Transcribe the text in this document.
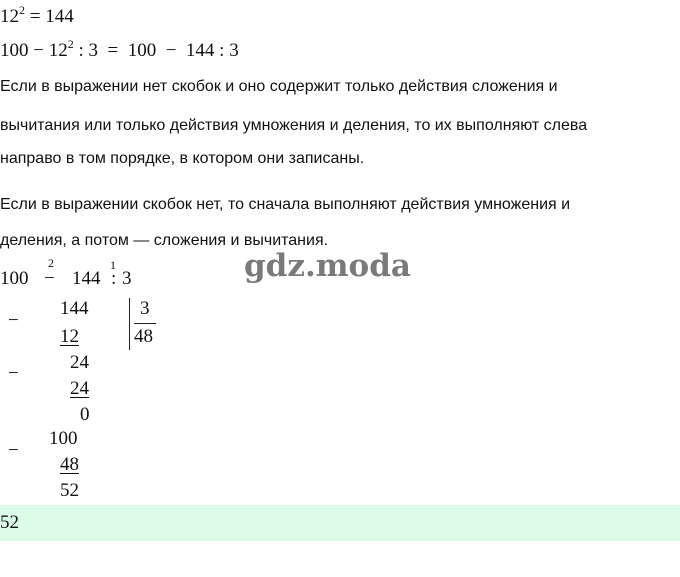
$12^2 = 144$
$100 - 12^2$ : 3  =  100  −  144 : 3
Если в выражении нет скобок и оно содержит только действия сложения и
вычитания или только действия умножения и деления, то их выполняют слева
направо в том порядке, в котором они записаны.
Если в выражении скобок нет, то сначала выполняют действия умножения и
деления, а потом — сложения и вычитания.
gdz.moda
100
2
− 144
1
: 3
−
144
12
3
48
−
24
24
0
−
100
48
52
52
